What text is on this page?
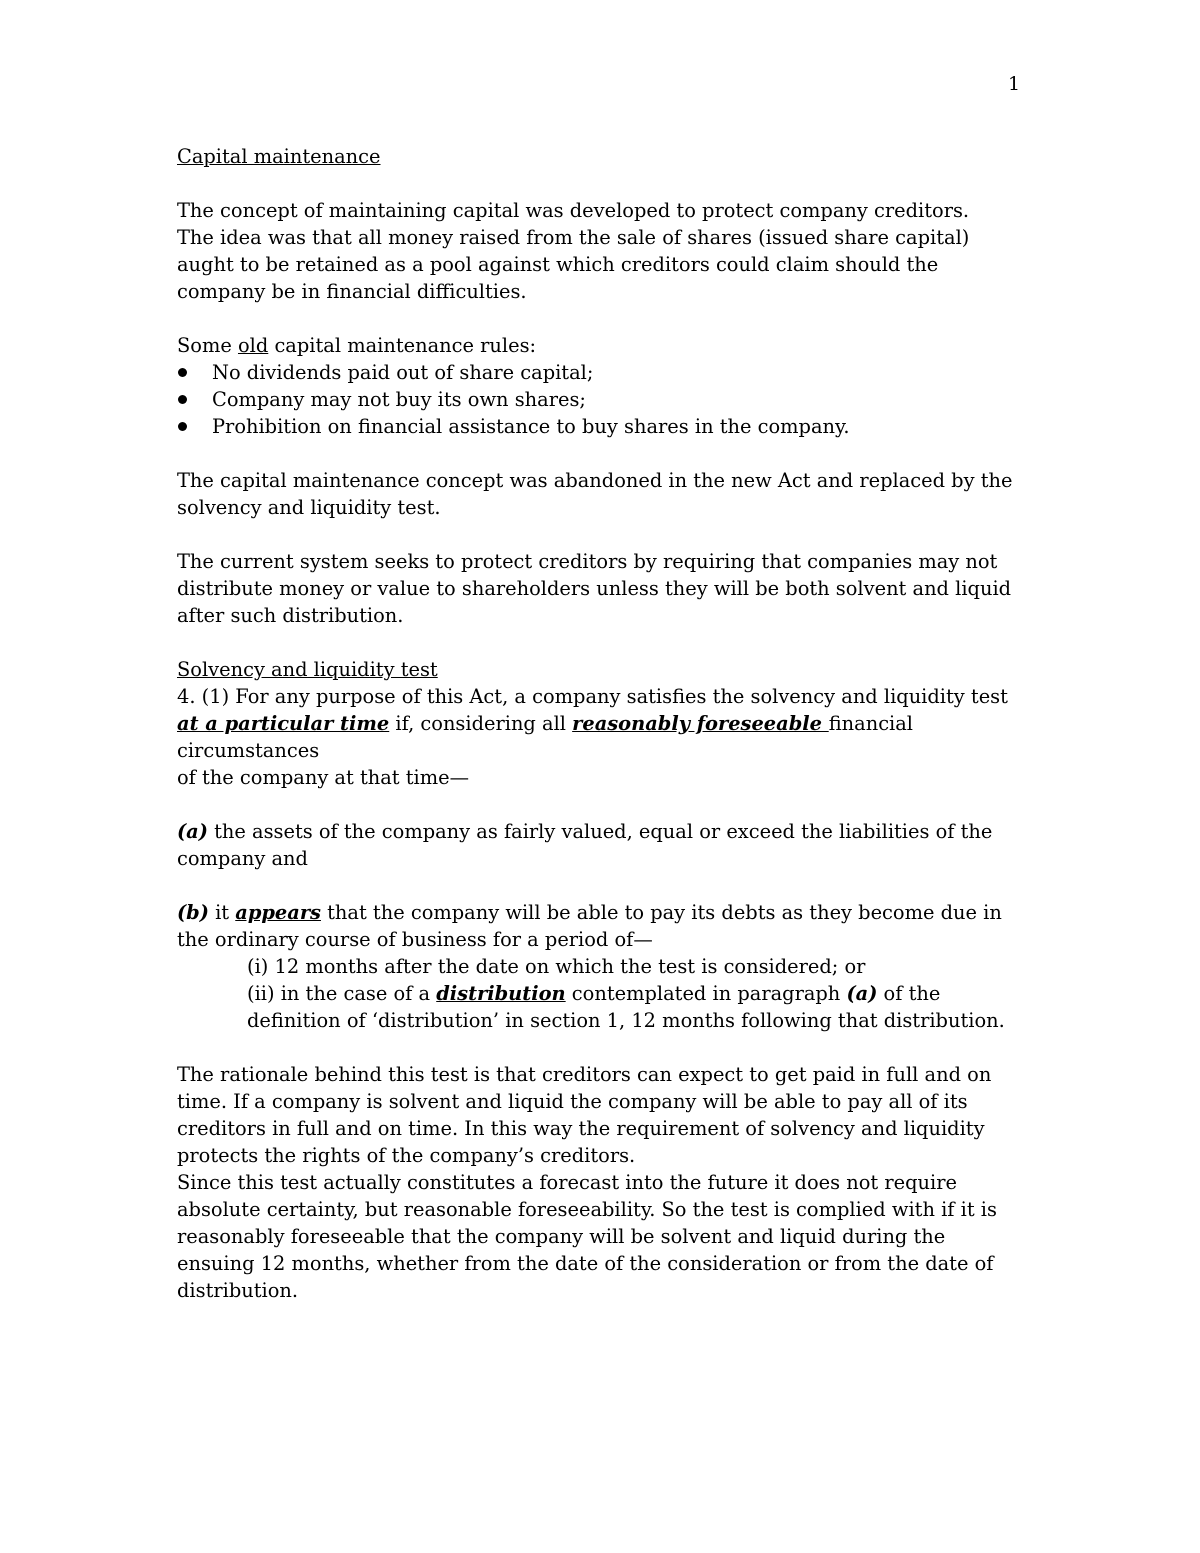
1

Capital maintenance

The concept of maintaining capital was developed to protect company creditors.

The idea was that all money raised from the sale of shares (issued share capital)

aught to be retained as a pool against which creditors could claim should the

company be in financial difficulties.

Some old capital maintenance rules:

No dividends paid out of share capital;
Company may not buy its own shares;
Prohibition on financial assistance to buy shares in the company.

The capital maintenance concept was abandoned in the new Act and replaced by the

solvency and liquidity test.

The current system seeks to protect creditors by requiring that companies may not

distribute money or value to shareholders unless they will be both solvent and liquid

after such distribution.

Solvency and liquidity test

4. (1) For any purpose of this Act, a company satisfies the solvency and liquidity test

at a particular time if, considering all reasonably foreseeable financial circumstances

of the company at that time—

(a) the assets of the company as fairly valued, equal or exceed the liabilities of the

company and

(b) it appears that the company will be able to pay its debts as they become due in

the ordinary course of business for a period of—

(i) 12 months after the date on which the test is considered; or

(ii) in the case of a distribution contemplated in paragraph (a) of the

definition of ‘distribution’ in section 1, 12 months following that distribution.

The rationale behind this test is that creditors can expect to get paid in full and on

time. If a company is solvent and liquid the company will be able to pay all of its

creditors in full and on time. In this way the requirement of solvency and liquidity

protects the rights of the company’s creditors.

Since this test actually constitutes a forecast into the future it does not require

absolute certainty, but reasonable foreseeability. So the test is complied with if it is

reasonably foreseeable that the company will be solvent and liquid during the

ensuing 12 months, whether from the date of the consideration or from the date of

distribution.
